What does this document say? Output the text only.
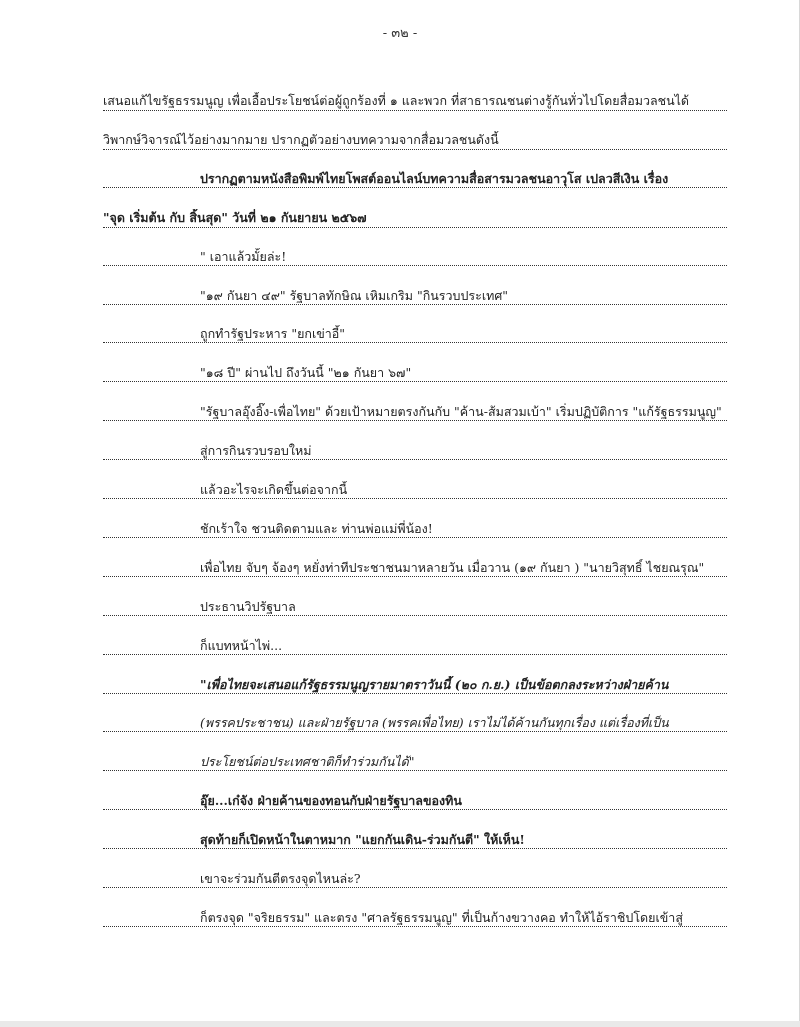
- ๓๒ -
เสนอแก้ไขรัฐธรรมนูญ เพื่อเอื้อประโยชน์ต่อผู้ถูกร้องที่ ๑ และพวก ที่สาธารณชนต่างรู้กันทั่วไปโดยสื่อมวลชนได้
วิพากษ์วิจารณ์ไว้อย่างมากมาย ปรากฏตัวอย่างบทความจากสื่อมวลชนดังนี้
ปรากฏตามหนังสือพิมพ์ไทยโพสต์ออนไลน์บทความสื่อสารมวลชนอาวุโส เปลวสีเงิน เรื่อง
"จุด เริ่มต้น กับ สิ้นสุด" วันที่ ๒๑ กันยายน ๒๕๖๗
" เอาแล้วมั้ยล่ะ!
"๑๙ กันยา ๔๙" รัฐบาลทักษิณ เหิมเกริม "กินรวบประเทศ"
ถูกทำรัฐประหาร "ยกเข่าอี้"
"๑๘ ปี" ผ่านไป ถึงวันนี้ "๒๑ กันยา ๖๗"
"รัฐบาลอุ๊งอิ๊ง-เพื่อไทย" ด้วยเป้าหมายตรงกันกับ "ค้าน-ส้มสวมเบ้า" เริ่มปฏิบัติการ "แก้รัฐธรรมนูญ"
สู่การกินรวบรอบใหม่
แล้วอะไรจะเกิดขึ้นต่อจากนี้
ชักเร้าใจ ชวนติดตามและ ท่านพ่อแม่พี่น้อง!
เพื่อไทย จับๆ จ้องๆ หยั่งท่าทีประชาชนมาหลายวัน เมื่อวาน (๑๙ กันยา ) "นายวิสุทธิ์ ไชยณรุณ"
ประธานวิปรัฐบาล
ก็แบทหน้าไพ่...
"เพื่อไทยจะเสนอแก้รัฐธรรมนูญรายมาตราวันนี้ (๒๐ ก.ย.) เป็นข้อตกลงระหว่างฝ่ายค้าน
(พรรคประชาชน) และฝ่ายรัฐบาล (พรรคเพื่อไทย) เราไม่ได้ค้านกันทุกเรื่อง แต่เรื่องที่เป็น
ประโยชน์ต่อประเทศชาติก็ทำร่วมกันได้"
อุ๊ย...เก๋จัง ฝ่ายค้านของทอนกับฝ่ายรัฐบาลของทิน
สุดท้ายก็เปิดหน้าในตาหมาก "แยกกันเดิน-ร่วมกันตี" ให้เห็น!
เขาจะร่วมกันตีตรงจุดไหนล่ะ?
ก็ตรงจุด "จริยธรรม" และตรง "ศาลรัฐธรรมนูญ" ที่เป็นก้างขวางคอ ทำให้ไอ้ราชิปโดยเข้าสู่
